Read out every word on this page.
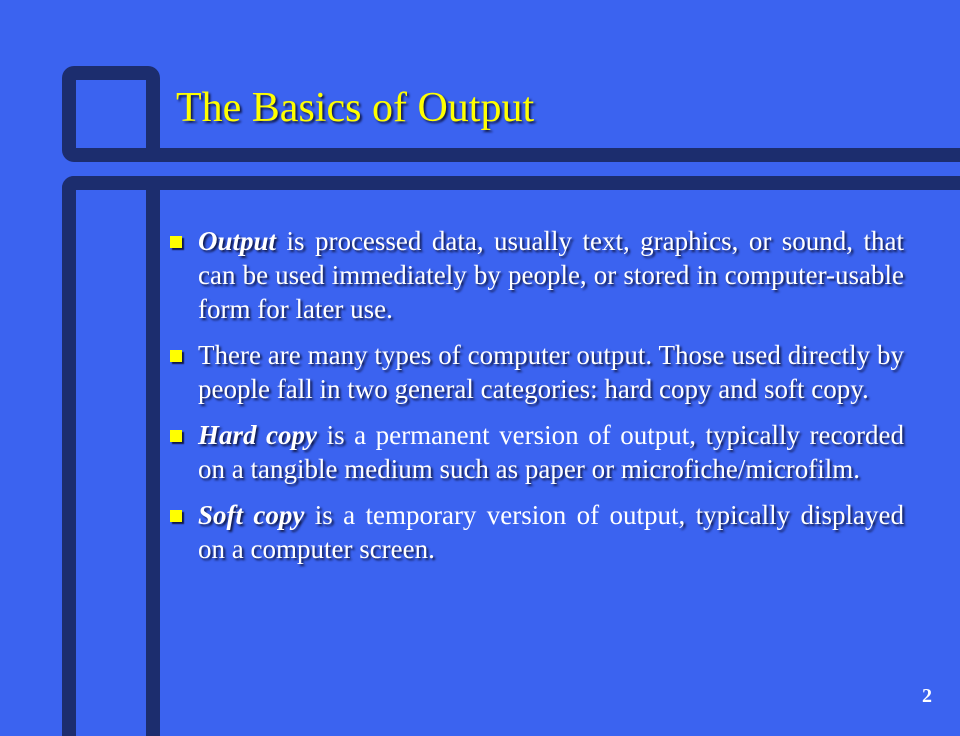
The Basics of Output
Output is processed data, usually text, graphics, or sound, that can be used immediately by people, or stored in computer-usable form for later use.
There are many types of computer output. Those used directly by people fall in two general categories: hard copy and soft copy.
Hard copy is a permanent version of output, typically recorded on a tangible medium such as paper or microfiche/microfilm.
Soft copy is a temporary version of output, typically displayed on a computer screen.
2
